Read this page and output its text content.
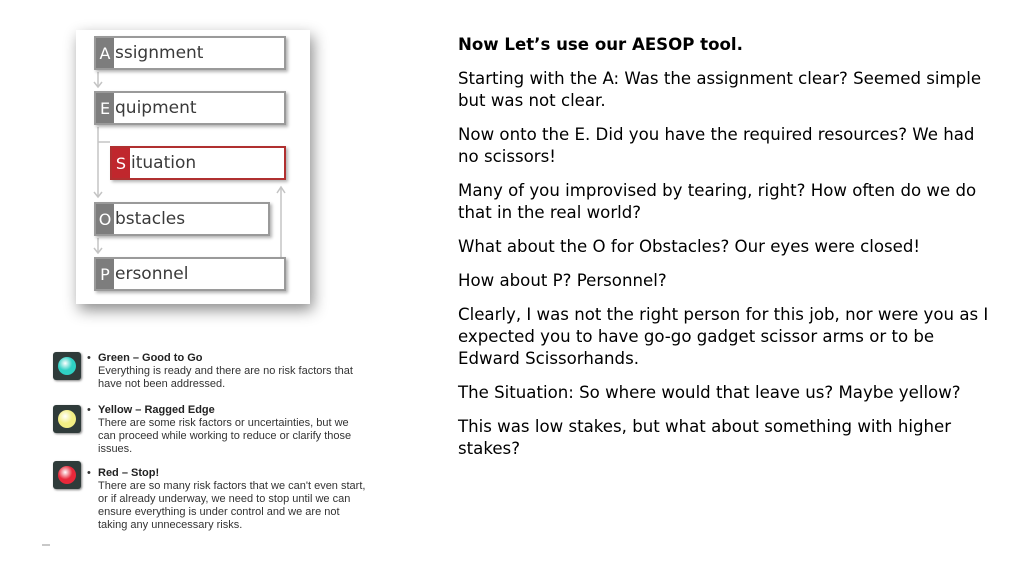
A ssignment
E quipment
S ituation
O bstacles
P ersonnel
• Green – Good to Go
Everything is ready and there are no risk factors that have not been addressed.
• Yellow – Ragged Edge
There are some risk factors or uncertainties, but we can proceed while working to reduce or clarify those issues.
• Red – Stop!
There are so many risk factors that we can't even start, or if already underway, we need to stop until we can ensure everything is under control and we are not taking any unnecessary risks.

Now Let’s use our AESOP tool.

Starting with the A: Was the assignment clear? Seemed simple but was not clear.

Now onto the E. Did you have the required resources? We had no scissors!

Many of you improvised by tearing, right? How often do we do that in the real world?

What about the O for Obstacles? Our eyes were closed!

How about P? Personnel?

Clearly, I was not the right person for this job, nor were you as I expected you to have go-go gadget scissor arms or to be Edward Scissorhands.

The Situation: So where would that leave us? Maybe yellow?

This was low stakes, but what about something with higher stakes?
